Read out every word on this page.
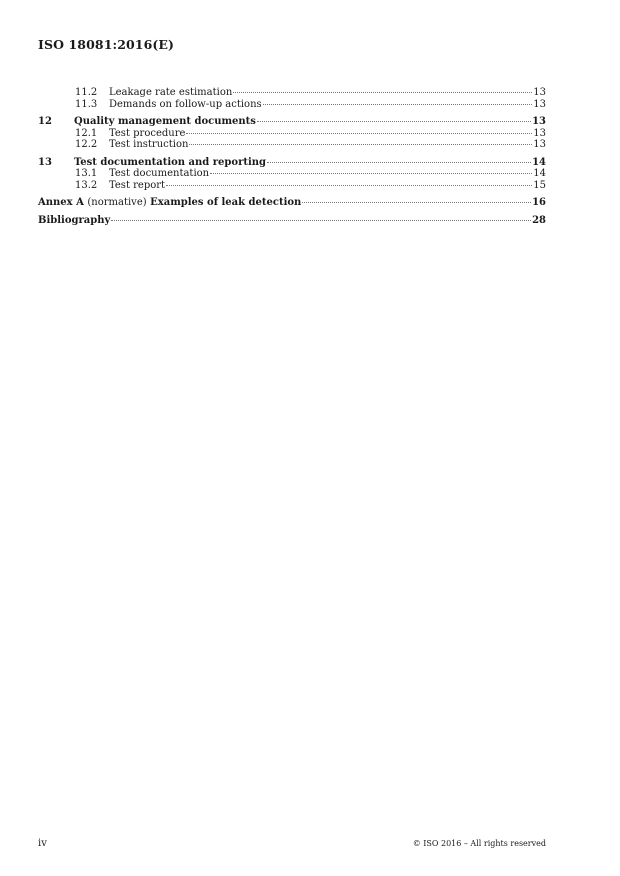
ISO 18081:2016(E)
11.2	Leakage rate estimation	13
11.3	Demands on follow-up actions	13
12	Quality management documents	13
12.1	Test procedure	13
12.2	Test instruction	13
13	Test documentation and reporting	14
13.1	Test documentation	14
13.2	Test report	15
Annex A (normative) Examples of leak detection	16
Bibliography	28
iv	© ISO 2016 – All rights reserved
